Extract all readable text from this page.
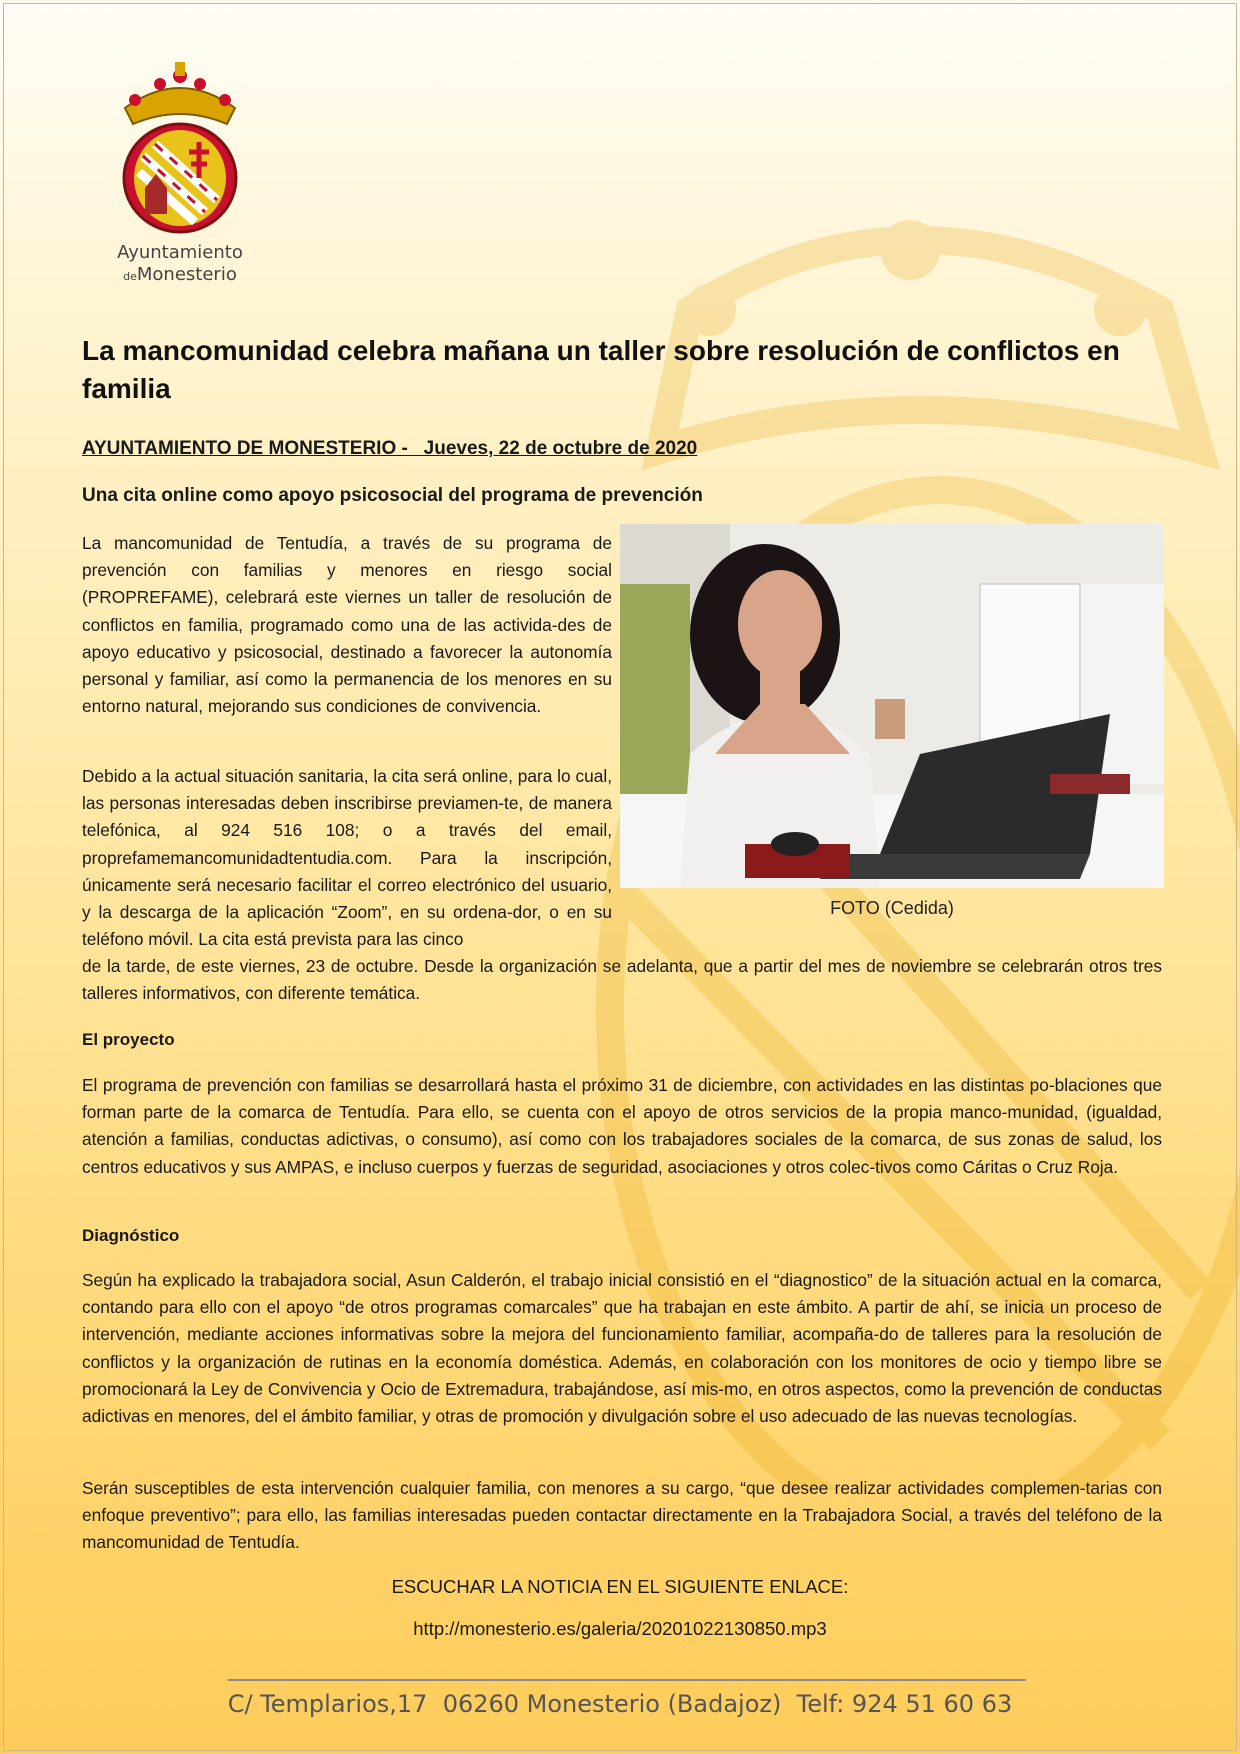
Ayuntamiento
deMonesterio
La mancomunidad celebra mañana un taller sobre resolución de conflictos en familia

AYUNTAMIENTO DE MONESTERIO -   Jueves, 22 de octubre de 2020

Una cita online como apoyo psicosocial del programa de prevención

La mancomunidad de Tentudía, a través de su programa de prevención con familias y menores en riesgo social (PROPREFAME), celebrará este viernes un taller de resolución de conflictos en familia, programado como una de las activida-des de apoyo educativo y psicosocial, destinado a favorecer la autonomía personal y familiar, así como la permanencia de los menores en su entorno natural, mejorando sus condiciones de convivencia.

Debido a la actual situación sanitaria, la cita será online, para lo cual, las personas interesadas deben inscribirse previamen-te, de manera telefónica, al 924 516 108; o a través del email, proprefamemancomunidadtentudia.com. Para la inscripción, únicamente será necesario facilitar el correo electrónico del usuario, y la descarga de la aplicación “Zoom”, en su ordena-dor, o en su teléfono móvil. La cita está prevista para las cinco

FOTO (Cedida)

de la tarde, de este viernes, 23 de octubre. Desde la organización se adelanta, que a partir del mes de noviembre se celebrarán otros tres talleres informativos, con diferente temática.

El proyecto

El programa de prevención con familias se desarrollará hasta el próximo 31 de diciembre, con actividades en las distintas po-blaciones que forman parte de la comarca de Tentudía. Para ello, se cuenta con el apoyo de otros servicios de la propia manco-munidad, (igualdad, atención a familias, conductas adictivas, o consumo), así como con los trabajadores sociales de la comarca, de sus zonas de salud, los centros educativos y sus AMPAS, e incluso cuerpos y fuerzas de seguridad, asociaciones y otros colec-tivos como Cáritas o Cruz Roja.

Diagnóstico

Según ha explicado la trabajadora social, Asun Calderón, el trabajo inicial consistió en el “diagnostico” de la situación actual en la comarca, contando para ello con el apoyo “de otros programas comarcales” que ha trabajan en este ámbito. A partir de ahí, se inicia un proceso de intervención, mediante acciones informativas sobre la mejora del funcionamiento familiar, acompaña-do de talleres para la resolución de conflictos y la organización de rutinas en la economía doméstica. Además, en colaboración con los monitores de ocio y tiempo libre se promocionará la Ley de Convivencia y Ocio de Extremadura, trabajándose, así mis-mo, en otros aspectos, como la prevención de conductas adictivas en menores, del el ámbito familiar, y otras de promoción y divulgación sobre el uso adecuado de las nuevas tecnologías.

Serán susceptibles de esta intervención cualquier familia, con menores a su cargo, “que desee realizar actividades complemen-tarias con enfoque preventivo”; para ello, las familias interesadas pueden contactar directamente en la Trabajadora Social, a través del teléfono de la mancomunidad de Tentudía.

ESCUCHAR LA NOTICIA EN EL SIGUIENTE ENLACE:

http://monesterio.es/galeria/20201022130850.mp3

C/ Templarios,17  06260 Monesterio (Badajoz)  Telf: 924 51 60 63
